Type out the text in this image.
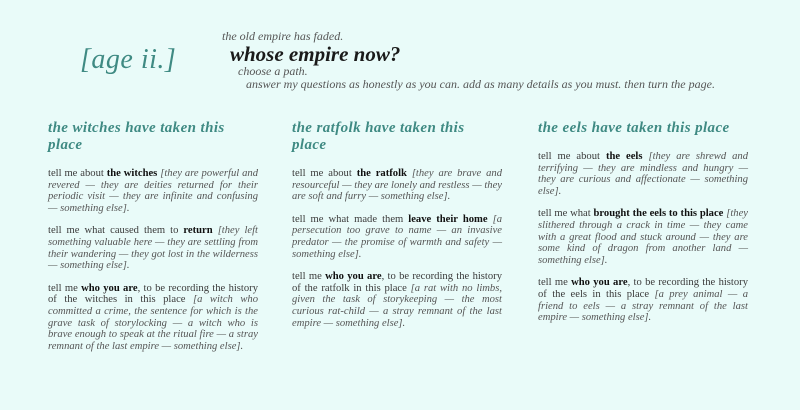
[age ii.]
the old empire has faded.
whose empire now?
choose a path.
answer my questions as honestly as you can. add as many details as you must. then turn the page.
the witches have taken this place

tell me about the witches [they are powerful and revered — they are deities returned for their periodic visit — they are infinite and confusing — something else].

tell me what caused them to return [they left something valuable here — they are settling from their wandering — they got lost in the wilderness — something else].

tell me who you are, to be recording the history of the witches in this place [a witch who committed a crime, the sentence for which is the grave task of storylocking — a witch who is brave enough to speak at the ritual fire — a stray remnant of the last empire — something else].

the ratfolk have taken this place

tell me about the ratfolk [they are brave and resourceful — they are lonely and restless — they are soft and furry — something else].

tell me what made them leave their home [a persecution too grave to name — an invasive predator — the promise of warmth and safety — something else].

tell me who you are, to be recording the history of the ratfolk in this place [a rat with no limbs, given the task of storykeeping — the most curious rat-child — a stray remnant of the last empire — something else].

the eels have taken this place

tell me about the eels [they are shrewd and terrifying — they are mindless and hungry — they are curious and affectionate — something else].

tell me what brought the eels to this place [they slithered through a crack in time — they came with a great flood and stuck around — they are some kind of dragon from another land — something else].

tell me who you are, to be recording the history of the eels in this place [a prey animal — a friend to eels — a stray remnant of the last empire — something else].
